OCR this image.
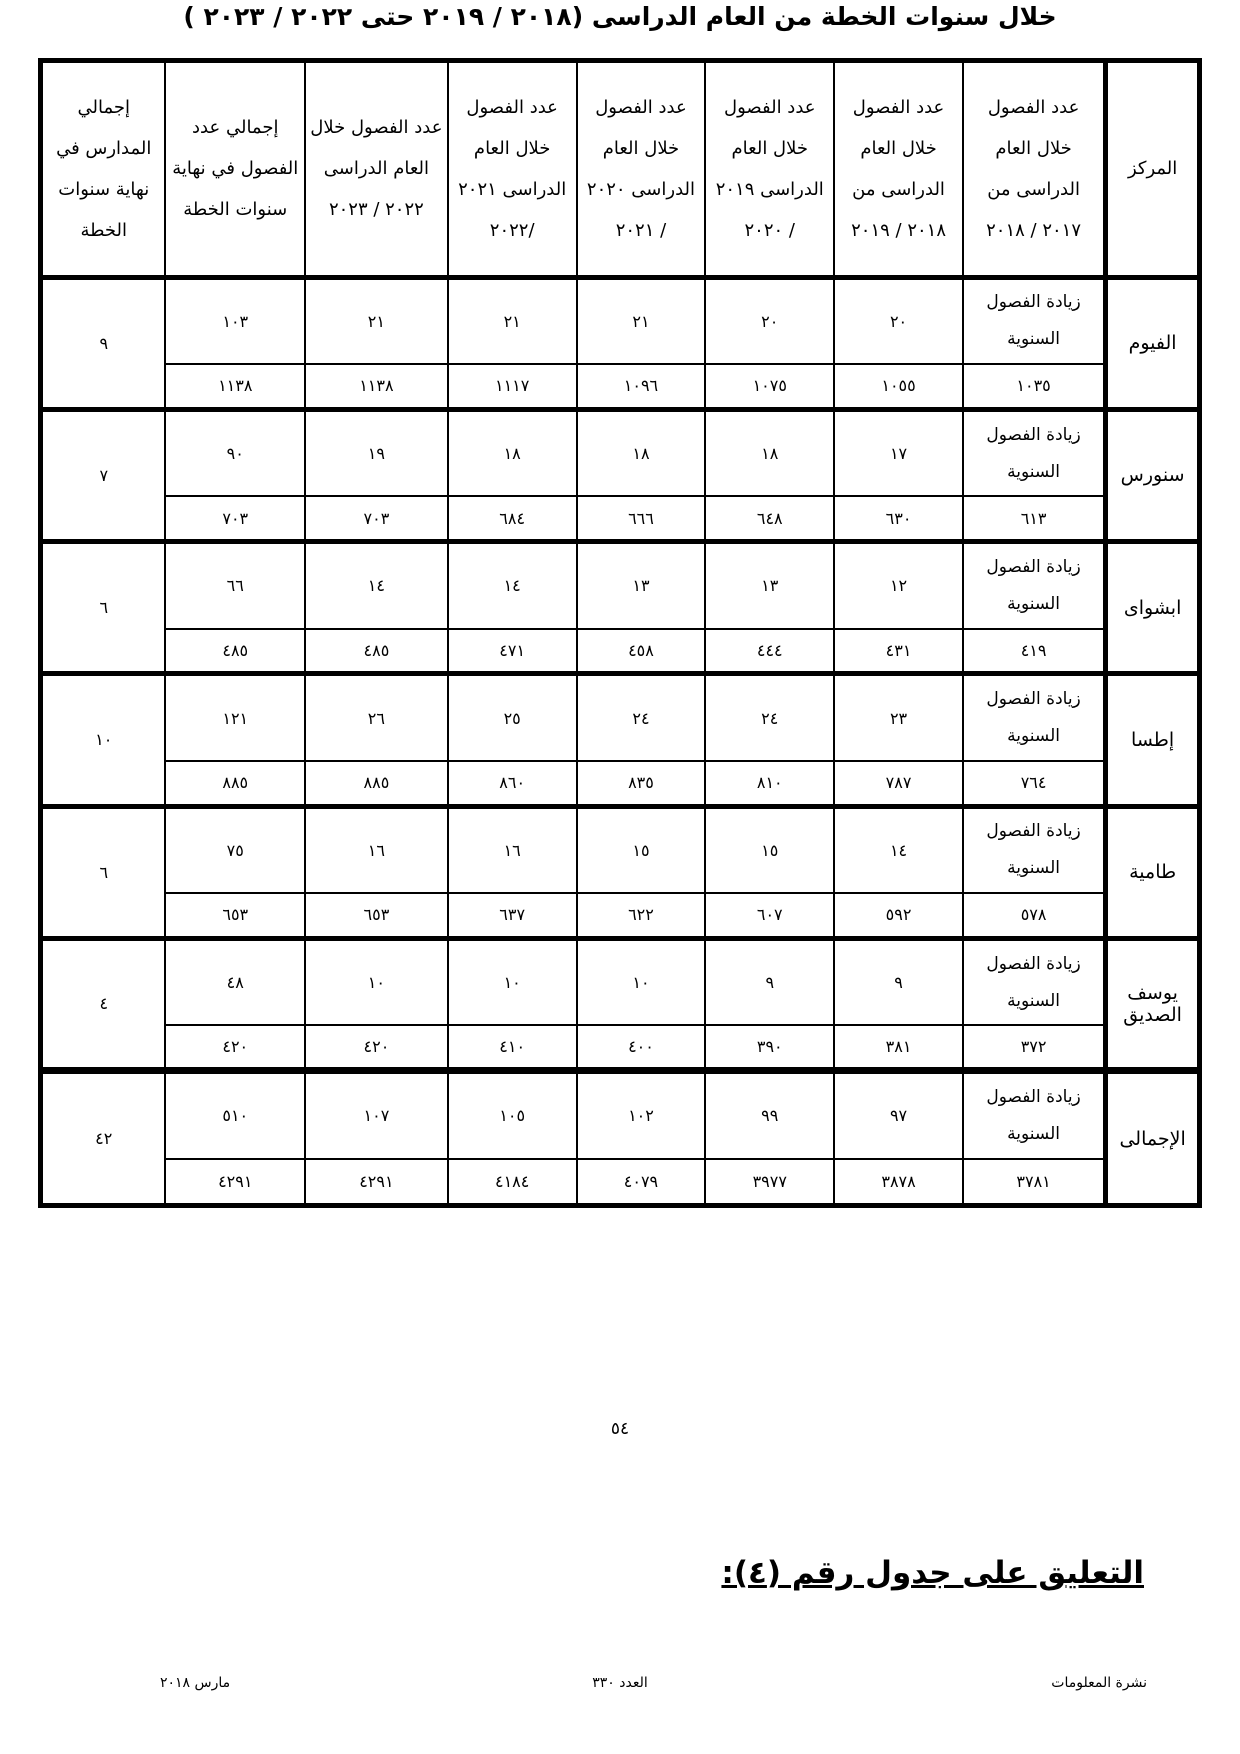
خلال سنوات الخطة من العام الدراسى (٢٠١٨ / ٢٠١٩ حتى ٢٠٢٢ / ٢٠٢٣ )
المركز	عدد الفصول خلال العام الدراسى من ٢٠١٧ / ٢٠١٨	عدد الفصول خلال العام الدراسى من ٢٠١٨ / ٢٠١٩	عدد الفصول خلال العام الدراسى ٢٠١٩ / ٢٠٢٠	عدد الفصول خلال العام الدراسى ٢٠٢٠ / ٢٠٢١	عدد الفصول خلال العام الدراسى ٢٠٢١ /٢٠٢٢	عدد الفصول خلال العام الدراسى ٢٠٢٢ / ٢٠٢٣	إجمالي عدد الفصول في نهاية سنوات الخطة	إجمالي المدارس في نهاية سنوات الخطة
الفيوم	زيادة الفصول السنوية	٢٠	٢٠	٢١	٢١	٢١	١٠٣	٩
	١٠٣٥	١٠٥٥	١٠٧٥	١٠٩٦	١١١٧	١١٣٨	١١٣٨	
سنورس	زيادة الفصول السنوية	١٧	١٨	١٨	١٨	١٩	٩٠	٧
	٦١٣	٦٣٠	٦٤٨	٦٦٦	٦٨٤	٧٠٣	٧٠٣	
ابشواى	زيادة الفصول السنوية	١٢	١٣	١٣	١٤	١٤	٦٦	٦
	٤١٩	٤٣١	٤٤٤	٤٥٨	٤٧١	٤٨٥	٤٨٥	
إطسا	زيادة الفصول السنوية	٢٣	٢٤	٢٤	٢٥	٢٦	١٢١	١٠
	٧٦٤	٧٨٧	٨١٠	٨٣٥	٨٦٠	٨٨٥	٨٨٥	
طامية	زيادة الفصول السنوية	١٤	١٥	١٥	١٦	١٦	٧٥	٦
	٥٧٨	٥٩٢	٦٠٧	٦٢٢	٦٣٧	٦٥٣	٦٥٣	
يوسف الصديق	زيادة الفصول السنوية	٩	٩	١٠	١٠	١٠	٤٨	٤
	٣٧٢	٣٨١	٣٩٠	٤٠٠	٤١٠	٤٢٠	٤٢٠	
الإجمالى	زيادة الفصول السنوية	٩٧	٩٩	١٠٢	١٠٥	١٠٧	٥١٠	٤٢
	٣٧٨١	٣٨٧٨	٣٩٧٧	٤٠٧٩	٤١٨٤	٤٢٩١	٤٢٩١	
٥٤
التعليق على جدول رقم (٤):
نشرة المعلومات
العدد ٣٣٠
مارس ٢٠١٨
